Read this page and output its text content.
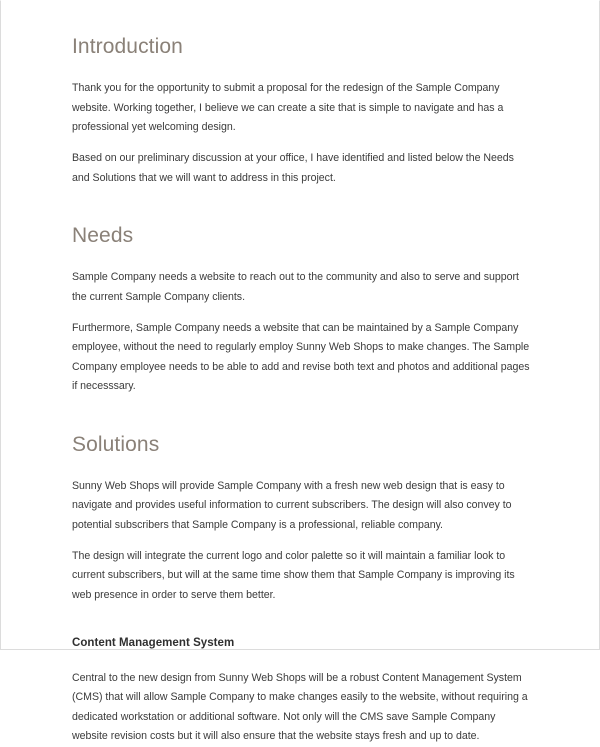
Introduction

Thank you for the opportunity to submit a proposal for the redesign of the Sample Company website. Working together, I believe we can create a site that is simple to navigate and has a professional yet welcoming design.

Based on our preliminary discussion at your office, I have identified and listed below the Needs and Solutions that we will want to address in this project.

Needs

Sample Company needs a website to reach out to the community and also to serve and support the current Sample Company clients.

Furthermore, Sample Company needs a website that can be maintained by a Sample Company employee, without the need to regularly employ Sunny Web Shops to make changes. The Sample Company employee needs to be able to add and revise both text and photos and additional pages if necesssary.

Solutions

Sunny Web Shops will provide Sample Company with a fresh new web design that is easy to navigate and provides useful information to current subscribers. The design will also convey to potential subscribers that Sample Company is a professional, reliable company.

The design will integrate the current logo and color palette so it will maintain a familiar look to current subscribers, but will at the same time show them that Sample Company is improving its web presence in order to serve them better.

Content Management System

Central to the new design from Sunny Web Shops will be a robust Content Management System (CMS) that will allow Sample Company to make changes easily to the website, without requiring a dedicated workstation or additional software. Not only will the CMS save Sample Company website revision costs but it will also ensure that the website stays fresh and up to date.
